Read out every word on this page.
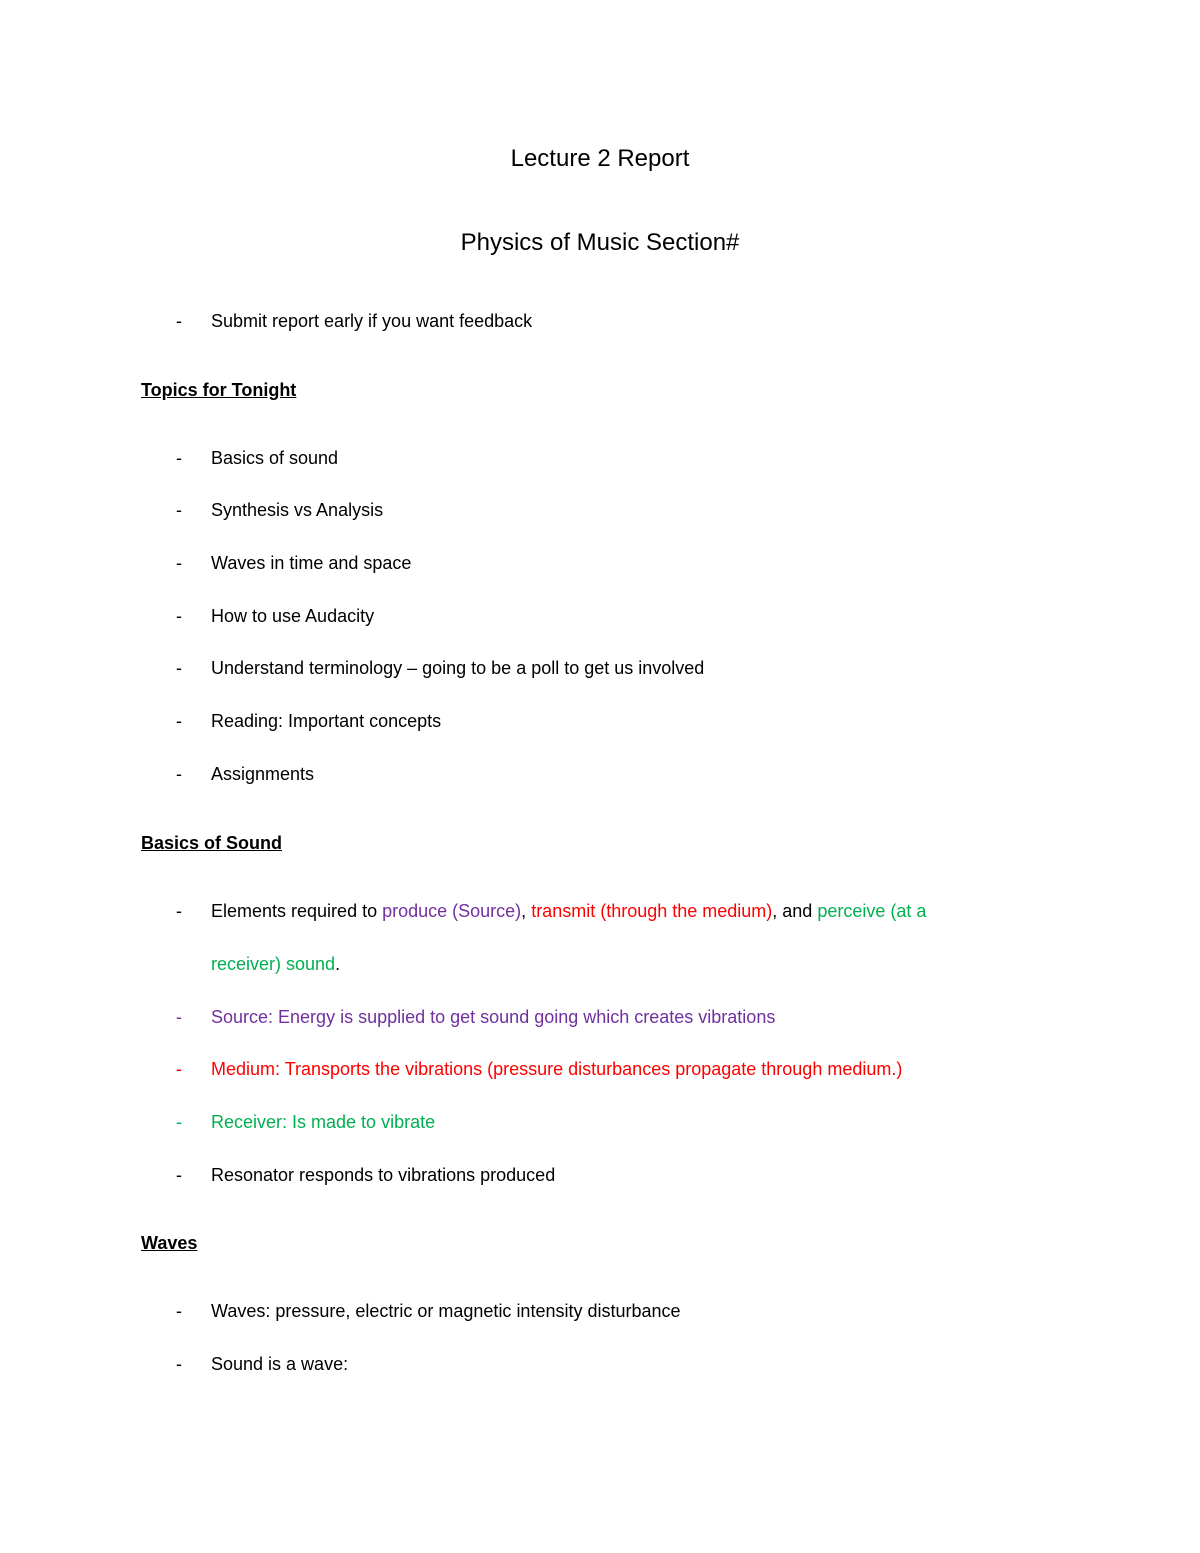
Lecture 2 Report
Physics of Music Section#
- Submit report early if you want feedback
Topics for Tonight
- Basics of sound
- Synthesis vs Analysis
- Waves in time and space
- How to use Audacity
- Understand terminology – going to be a poll to get us involved
- Reading: Important concepts
- Assignments
Basics of Sound
- Elements required to produce (Source), transmit (through the medium), and perceive (at a
receiver) sound.
- Source: Energy is supplied to get sound going which creates vibrations
- Medium: Transports the vibrations (pressure disturbances propagate through medium.)
- Receiver: Is made to vibrate
- Resonator responds to vibrations produced
Waves
- Waves: pressure, electric or magnetic intensity disturbance
- Sound is a wave:
